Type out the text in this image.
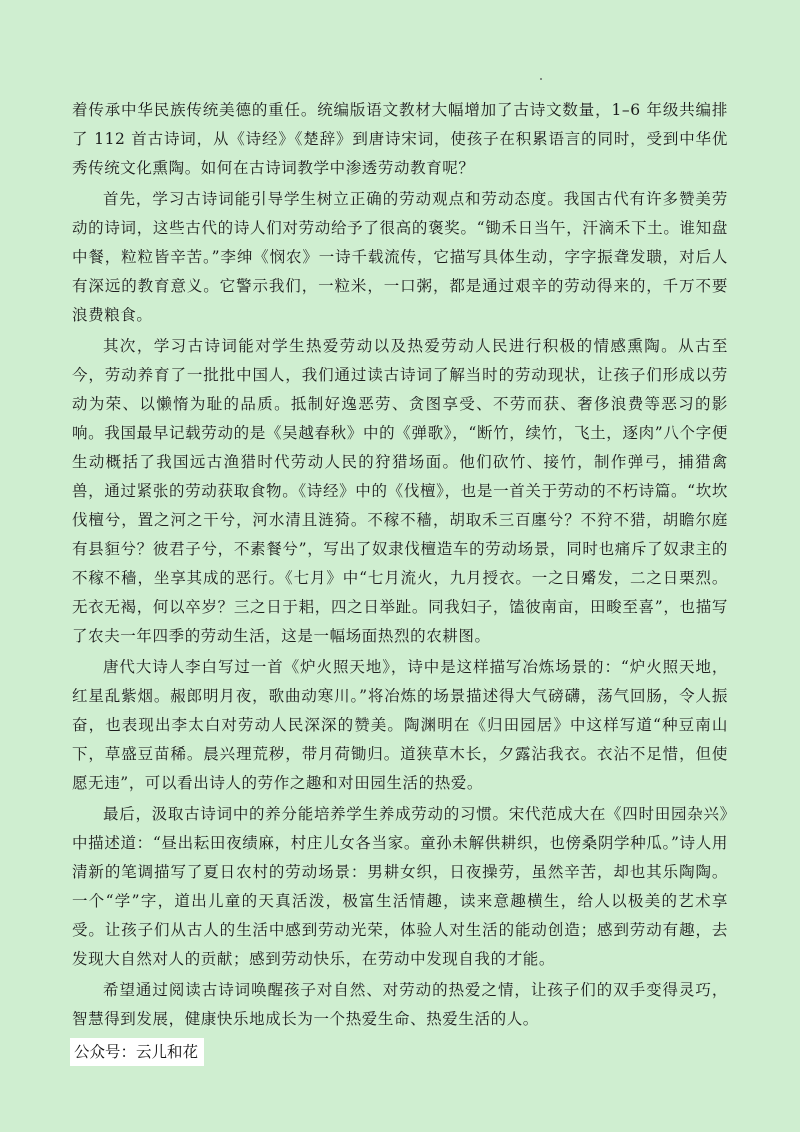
着传承中华民族传统美德的重任。统编版语文教材大幅增加了古诗文数量，1–6 年级共编排了 112 首古诗词，从《诗经》《楚辞》到唐诗宋词，使孩子在积累语言的同时，受到中华优秀传统文化熏陶。如何在古诗词教学中渗透劳动教育呢？

首先，学习古诗词能引导学生树立正确的劳动观点和劳动态度。我国古代有许多赞美劳动的诗词，这些古代的诗人们对劳动给予了很高的褒奖。“锄禾日当午，汗滴禾下土。谁知盘中餐，粒粒皆辛苦。”李绅《悯农》一诗千载流传，它描写具体生动，字字振聋发聩，对后人有深远的教育意义。它警示我们，一粒米，一口粥，都是通过艰辛的劳动得来的，千万不要浪费粮食。

其次，学习古诗词能对学生热爱劳动以及热爱劳动人民进行积极的情感熏陶。从古至今，劳动养育了一批批中国人，我们通过读古诗词了解当时的劳动现状，让孩子们形成以劳动为荣、以懒惰为耻的品质。抵制好逸恶劳、贪图享受、不劳而获、奢侈浪费等恶习的影响。我国最早记载劳动的是《吴越春秋》中的《弹歌》，“断竹，续竹，飞土，逐肉”八个字便生动概括了我国远古渔猎时代劳动人民的狩猎场面。他们砍竹、接竹，制作弹弓，捕猎禽兽，通过紧张的劳动获取食物。《诗经》中的《伐檀》，也是一首关于劳动的不朽诗篇。“坎坎伐檀兮，置之河之干兮，河水清且涟猗。不稼不穑，胡取禾三百廛兮？不狩不猎，胡瞻尔庭有县貆兮？彼君子兮，不素餐兮”，写出了奴隶伐檀造车的劳动场景，同时也痛斥了奴隶主的不稼不穑，坐享其成的恶行。《七月》中“七月流火，九月授衣。一之日觱发，二之日栗烈。无衣无褐，何以卒岁？三之日于耜，四之日举趾。同我妇子，馌彼南亩，田畯至喜”，也描写了农夫一年四季的劳动生活，这是一幅场面热烈的农耕图。

唐代大诗人李白写过一首《炉火照天地》，诗中是这样描写冶炼场景的：“炉火照天地，红星乱紫烟。赧郎明月夜，歌曲动寒川。”将冶炼的场景描述得大气磅礴，荡气回肠，令人振奋，也表现出李太白对劳动人民深深的赞美。陶渊明在《归田园居》中这样写道“种豆南山下，草盛豆苗稀。晨兴理荒秽，带月荷锄归。道狭草木长，夕露沾我衣。衣沾不足惜，但使愿无违”，可以看出诗人的劳作之趣和对田园生活的热爱。

最后，汲取古诗词中的养分能培养学生养成劳动的习惯。宋代范成大在《四时田园杂兴》中描述道：“昼出耘田夜绩麻，村庄儿女各当家。童孙未解供耕织，也傍桑阴学种瓜。”诗人用清新的笔调描写了夏日农村的劳动场景：男耕女织，日夜操劳，虽然辛苦，却也其乐陶陶。一个“学”字，道出儿童的天真活泼，极富生活情趣，读来意趣横生，给人以极美的艺术享受。让孩子们从古人的生活中感到劳动光荣，体验人对生活的能动创造；感到劳动有趣，去发现大自然对人的贡献；感到劳动快乐，在劳动中发现自我的才能。

希望通过阅读古诗词唤醒孩子对自然、对劳动的热爱之情，让孩子们的双手变得灵巧，智慧得到发展，健康快乐地成长为一个热爱生命、热爱生活的人。

公众号：云儿和花
